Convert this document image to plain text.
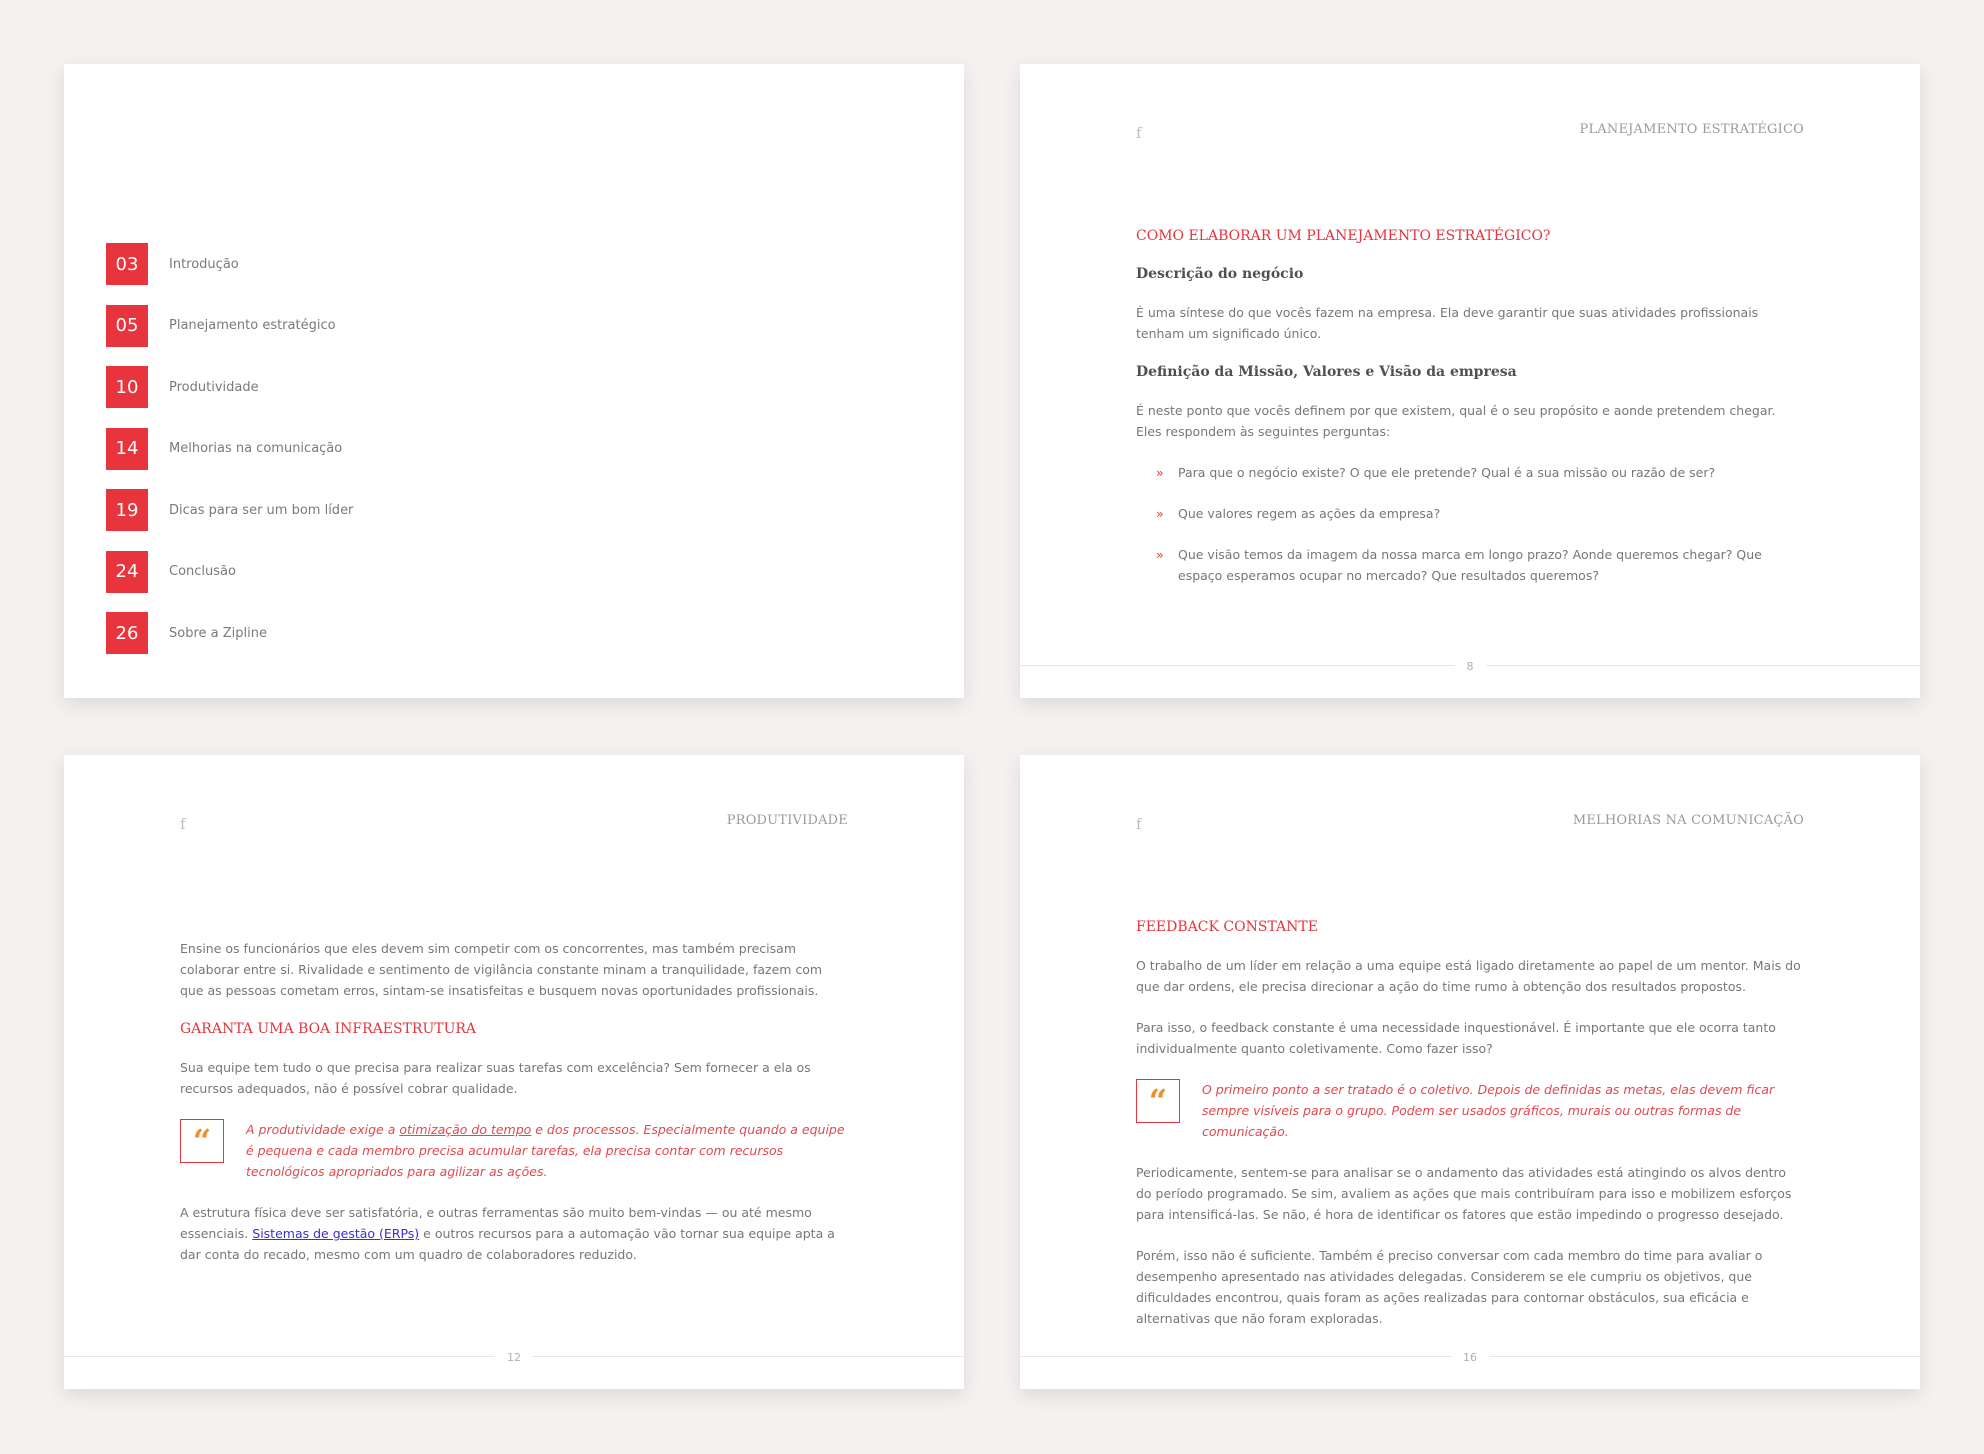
03	Introdução
05	Planejamento estratégico
10	Produtividade
14	Melhorias na comunicação
19	Dicas para ser um bom líder
24	Conclusão
26	Sobre a Zipline
f	PLANEJAMENTO ESTRATÉGICO

COMO ELABORAR UM PLANEJAMENTO ESTRATÉGICO?

Descrição do negócio

É uma síntese do que vocês fazem na empresa. Ela deve garantir que suas atividades profissionais tenham um significado único.

Definição da Missão, Valores e Visão da empresa

É neste ponto que vocês definem por que existem, qual é o seu propósito e aonde pretendem chegar. Eles respondem às seguintes perguntas:

»	Para que o negócio existe? O que ele pretende? Qual é a sua missão ou razão de ser?
»	Que valores regem as ações da empresa?
»	Que visão temos da imagem da nossa marca em longo prazo? Aonde queremos chegar? Que espaço esperamos ocupar no mercado? Que resultados queremos?
8
f	PRODUTIVIDADE

Ensine os funcionários que eles devem sim competir com os concorrentes, mas também precisam colaborar entre si. Rivalidade e sentimento de vigilância constante minam a tranquilidade, fazem com que as pessoas cometam erros, sintam-se insatisfeitas e busquem novas oportunidades profissionais.

GARANTA UMA BOA INFRAESTRUTURA

Sua equipe tem tudo o que precisa para realizar suas tarefas com excelência? Sem fornecer a ela os recursos adequados, não é possível cobrar qualidade.

“	A produtividade exige a otimização do tempo e dos processos. Especialmente quando a equipe é pequena e cada membro precisa acumular tarefas, ela precisa contar com recursos tecnológicos apropriados para agilizar as ações.

A estrutura física deve ser satisfatória, e outras ferramentas são muito bem-vindas — ou até mesmo essenciais. Sistemas de gestão (ERPs) e outros recursos para a automação vão tornar sua equipe apta a dar conta do recado, mesmo com um quadro de colaboradores reduzido.

12
f	MELHORIAS NA COMUNICAÇÃO

FEEDBACK CONSTANTE

O trabalho de um líder em relação a uma equipe está ligado diretamente ao papel de um mentor. Mais do que dar ordens, ele precisa direcionar a ação do time rumo à obtenção dos resultados propostos.

Para isso, o feedback constante é uma necessidade inquestionável. É importante que ele ocorra tanto individualmente quanto coletivamente. Como fazer isso?

“	O primeiro ponto a ser tratado é o coletivo. Depois de definidas as metas, elas devem ficar sempre visíveis para o grupo. Podem ser usados gráficos, murais ou outras formas de comunicação.

Periodicamente, sentem-se para analisar se o andamento das atividades está atingindo os alvos dentro do período programado. Se sim, avaliem as ações que mais contribuíram para isso e mobilizem esforços para intensificá-las. Se não, é hora de identificar os fatores que estão impedindo o progresso desejado.

Porém, isso não é suficiente. Também é preciso conversar com cada membro do time para avaliar o desempenho apresentado nas atividades delegadas. Considerem se ele cumpriu os objetivos, que dificuldades encontrou, quais foram as ações realizadas para contornar obstáculos, sua eficácia e alternativas que não foram exploradas.

16
